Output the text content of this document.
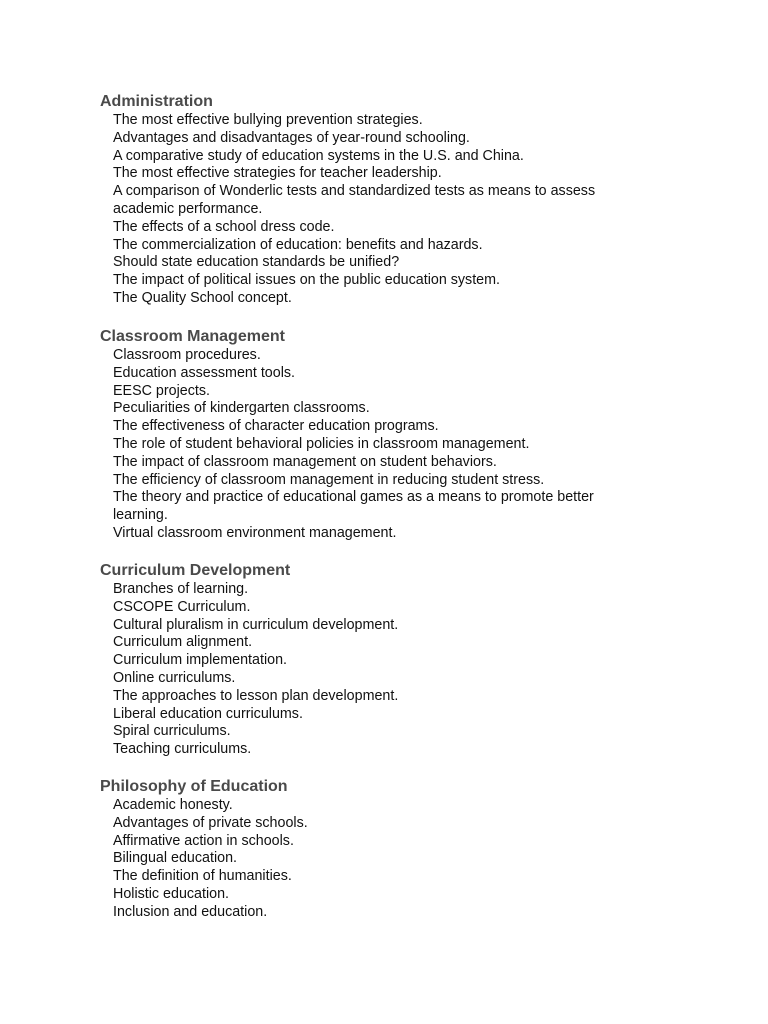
Administration
The most effective bullying prevention strategies.
Advantages and disadvantages of year-round schooling.
A comparative study of education systems in the U.S. and China.
The most effective strategies for teacher leadership.
A comparison of Wonderlic tests and standardized tests as means to assess academic performance.
The effects of a school dress code.
The commercialization of education: benefits and hazards.
Should state education standards be unified?
The impact of political issues on the public education system.
The Quality School concept.
Classroom Management
Classroom procedures.
Education assessment tools.
EESC projects.
Peculiarities of kindergarten classrooms.
The effectiveness of character education programs.
The role of student behavioral policies in classroom management.
The impact of classroom management on student behaviors.
The efficiency of classroom management in reducing student stress.
The theory and practice of educational games as a means to promote better learning.
Virtual classroom environment management.
Curriculum Development
Branches of learning.
CSCOPE Curriculum.
Cultural pluralism in curriculum development.
Curriculum alignment.
Curriculum implementation.
Online curriculums.
The approaches to lesson plan development.
Liberal education curriculums.
Spiral curriculums.
Teaching curriculums.
Philosophy of Education
Academic honesty.
Advantages of private schools.
Affirmative action in schools.
Bilingual education.
The definition of humanities.
Holistic education.
Inclusion and education.
